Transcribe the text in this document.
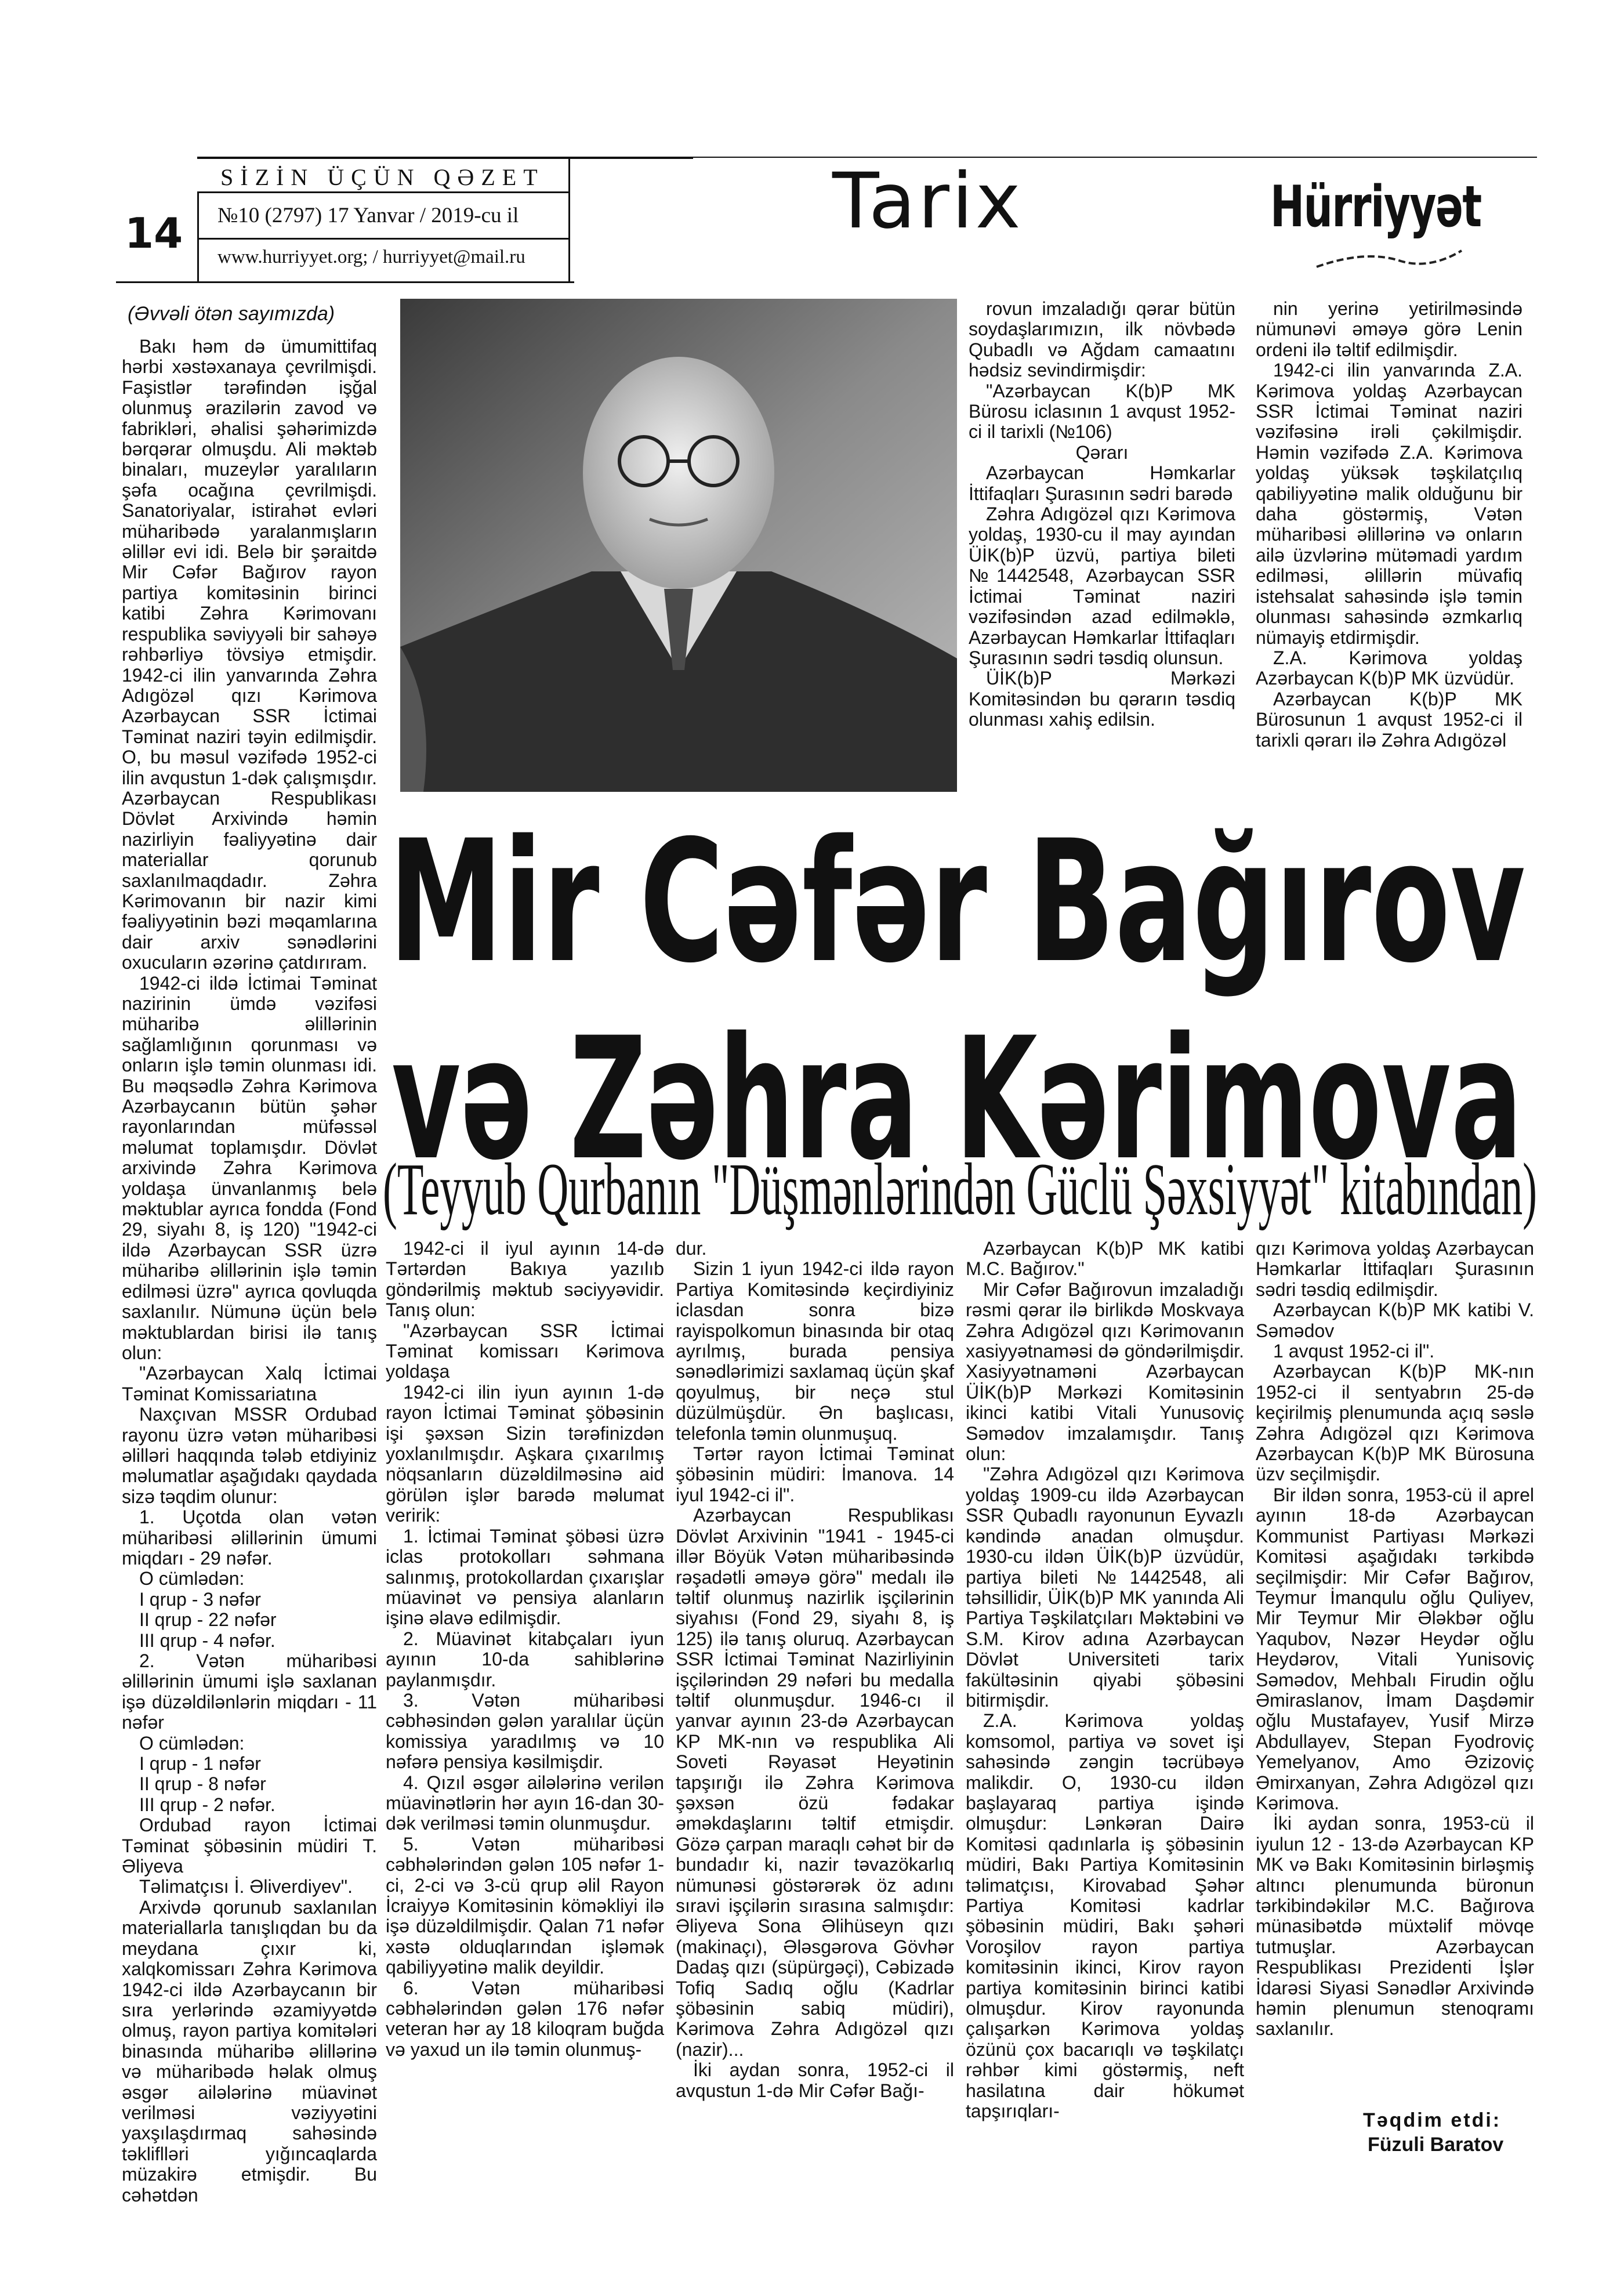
14
SİZİN ÜÇÜN QƏZET
№10 (2797) 17 Yanvar / 2019-cu il
www.hurriyyet.org; / hurriyyet@mail.ru
Tarix	Hürriyyət
(Əvvəli ötən sayımızda)

Bakı həm də ümumittifaq hərbi xəstəxanaya çevrilmişdi. Faşistlər tərəfindən işğal olunmuş ərazilərin zavod və fabrikləri, əhalisi şəhərimizdə bərqərar olmuşdu. Ali məktəb binaları, muzeylər yaralıların şəfa ocağına çevrilmişdi. Sanatoriyalar, istirahət evləri müharibədə yaralanmışların əlillər evi idi. Belə bir şəraitdə Mir Cəfər Bağırov rayon partiya komitəsinin birinci katibi Zəhra Kərimovanı respublika səviyyəli bir sahəyə rəhbərliyə tövsiyə etmişdir. 1942-ci ilin yanvarında Zəhra Adıgözəl qızı Kərimova Azərbaycan SSR İctimai Təminat naziri təyin edilmişdir. O, bu məsul vəzifədə 1952-ci ilin avqustun 1-dək çalışmışdır. Azərbaycan Respublikası Dövlət Arxivində həmin nazirliyin fəaliyyətinə dair materiallar qorunub saxlanılmaqdadır. Zəhra Kərimovanın bir nazir kimi fəaliyyətinin bəzi məqamlarına dair arxiv sənədlərini oxucuların əzərinə çatdırıram.

1942-ci ildə İctimai Təminat nazirinin ümdə vəzifəsi müharibə əlillərinin sağlamlığının qorunması və onların işlə təmin olunması idi. Bu məqsədlə Zəhra Kərimova Azərbaycanın bütün şəhər rayonlarından müfəssəl məlumat toplamışdır. Dövlət arxivində Zəhra Kərimova yoldaşa ünvanlanmış belə məktublar ayrıca fondda (Fond 29, siyahı 8, iş 120) "1942-ci ildə Azərbaycan SSR üzrə müharibə əlillərinin işlə təmin edilməsi üzrə" ayrıca qovluqda saxlanılır. Nümunə üçün belə məktublardan birisi ilə tanış olun:

"Azərbaycan Xalq İctimai Təminat Komissariatına

Naxçıvan MSSR Ordubad rayonu üzrə vətən müharibəsi əlilləri haqqında tələb etdiyiniz məlumatlar aşağıdakı qaydada sizə təqdim olunur:

1. Uçotda olan vətən müharibəsi əlillərinin ümumi miqdarı - 29 nəfər.

O cümlədən:

I qrup - 3 nəfər

II qrup - 22 nəfər

III qrup - 4 nəfər.

2. Vətən müharibəsi əlillərinin ümumi işlə saxlanan işə düzəldilənlərin miqdarı - 11 nəfər

O cümlədən:

I qrup - 1 nəfər

II qrup - 8 nəfər

III qrup - 2 nəfər.

Ordubad rayon İctimai Təminat şöbəsinin müdiri T. Əliyeva

Təlimatçısı İ. Əliverdiyev".

Arxivdə qorunub saxlanılan materiallarla tanışlıqdan bu da meydana çıxır ki, xalqkomissarı Zəhra Kərimova 1942-ci ildə Azərbaycanın bir sıra yerlərində əzamiyyətdə olmuş, rayon partiya komitələri binasında müharibə əlillərinə və müharibədə həlak olmuş əsgər ailələrinə müavinət verilməsi vəziyyətini yaxşılaşdırmaq sahəsində təkliflləri yığıncaqlarda müzakirə etmişdir. Bu cəhətdən

rovun imzaladığı qərar bütün soydaşlarımızın, ilk növbədə Qubadlı və Ağdam camaatını hədsiz sevindirmişdir:

"Azərbaycan K(b)P MK Bürosu iclasının 1 avqust 1952-ci il tarixli (№106)

Qərarı

Azərbaycan Həmkarlar İttifaqları Şurasının sədri barədə

Zəhra Adıgözəl qızı Kərimova yoldaş, 1930-cu il may ayından ÜİK(b)P üzvü, partiya bileti №1442548, Azərbaycan SSR İctimai Təminat naziri vəzifəsindən azad edilməklə, Azərbaycan Həmkarlar İttifaqları Şurasının sədri təsdiq olunsun.

ÜİK(b)P Mərkəzi Komitəsindən bu qərarın təsdiq olunması xahiş edilsin.

nin yerinə yetirilməsində nümunəvi əməyə görə Lenin ordeni ilə təltif edilmişdir.

1942-ci ilin yanvarında Z.A. Kərimova yoldaş Azərbaycan SSR İctimai Təminat naziri vəzifəsinə irəli çəkilmişdir. Həmin vəzifədə Z.A. Kərimova yoldaş yüksək təşkilatçılıq qabiliyyətinə malik olduğunu bir daha göstərmiş, Vətən müharibəsi əlillərinə və onların ailə üzvlərinə mütəmadi yardım edilməsi, əlillərin müvafiq istehsalat sahəsində işlə təmin olunması sahəsində əzmkarlıq nümayiş etdirmişdir.

Z.A. Kərimova yoldaş Azərbaycan K(b)P MK üzvüdür.

Azərbaycan K(b)P MK Bürosunun 1 avqust 1952-ci il tarixli qərarı ilə Zəhra Adıgözəl

Mir Cəfər Bağırov
və Zəhra Kərimova
(Teyyub Qurbanın "Düşmənlərindən Güclü Şəxsiyyət" kitabından)

1942-ci il iyul ayının 14-də Tərtərdən Bakıya yazılıb göndərilmiş məktub səciyyəvidir. Tanış olun:

"Azərbaycan SSR İctimai Təminat komissarı Kərimova yoldaşa

1942-ci ilin iyun ayının 1-də rayon İctimai Təminat şöbəsinin işi şəxsən Sizin tərəfinizdən yoxlanılmışdır. Aşkara çıxarılmış nöqsanların düzəldilməsinə aid görülən işlər barədə məlumat veririk:

1. İctimai Təminat şöbəsi üzrə iclas protokolları səhmana salınmış, protokollardan çıxarışlar müavinət və pensiya alanların işinə əlavə edilmişdir.

2. Müavinət kitabçaları iyun ayının 10-da sahiblərinə paylanmışdır.

3. Vətən müharibəsi cəbhəsindən gələn yaralılar üçün komissiya yaradılmış və 10 nəfərə pensiya kəsilmişdir.

4. Qızıl əsgər ailələrinə verilən müavinətlərin hər ayın 16-dan 30-dək verilməsi təmin olunmuşdur.

5. Vətən müharibəsi cəbhələrindən gələn 105 nəfər 1-ci, 2-ci və 3-cü qrup əlil Rayon İcraiyyə Komitəsinin kömәkliyi ilə işə düzəldilmişdir. Qalan 71 nəfər xəstə olduqlarından işləmək qabiliyyətinə malik deyildir.

6. Vətən müharibəsi cəbhələrindən gələn 176 nəfər veteran hər ay 18 kiloqram buğda və yaxud un ilə təmin olunmuş-

dur.

Sizin 1 iyun 1942-ci ildə rayon Partiya Komitəsində keçirdiyiniz iclasdan sonra bizə rayispolkomun binasında bir otaq ayrılmış, burada pensiya sənədlərimizi saxlamaq üçün şkaf qoyulmuş, bir neçə stul düzülmüşdür. Ən başlıcası, telefonla təmin olunmuşuq.

Tərtər rayon İctimai Təminat şöbəsinin müdiri: İmanova. 14 iyul 1942-ci il".

Azərbaycan Respublikası Dövlət Arxivinin "1941 - 1945-ci illər Böyük Vətən müharibəsində rəşadətli əməyə görə" medalı ilə təltif olunmuş nazirlik işçilərinin siyahısı (Fond 29, siyahı 8, iş 125) ilə tanış oluruq. Azərbaycan SSR İctimai Təminat Nazirliyinin işçilərindən 29 nəfəri bu medalla təltif olunmuşdur. 1946-cı il yanvar ayının 23-də Azərbaycan KP MK-nın və respublika Ali Soveti Rəyasət Heyətinin tapşırığı ilə Zəhra Kərimova şəxsən özü fədakar əməkdaşlarını təltif etmişdir. Gözə çarpan maraqlı cəhət bir də bundadır ki, nazir təvazökarlıq nümunəsi göstərərək öz adını sıravi işçilərin sırasına salmışdır: Əliyeva Sona Əlihüseyn qızı (makinaçı), Ələsgərova Gövhər Dadaş qızı (süpürgəçi), Cəbizadə Tofiq Sadıq oğlu (Kadrlar şöbəsinin sabiq müdiri), Kərimova Zəhra Adıgözəl qızı (nazir)...

İki aydan sonra, 1952-ci il avqustun 1-də Mir Cəfər Bağı-

Azərbaycan K(b)P MK katibi M.C. Bağırov."

Mir Cəfər Bağırovun imzaladığı rəsmi qərar ilə birlikdə Moskvaya Zəhra Adıgözəl qızı Kərimovanın xasiyyətnaməsi də göndərilmişdir. Xasiyyətnaməni Azərbaycan ÜİK(b)P Mərkəzi Komitəsinin ikinci katibi Vitali Yunusoviç Səmədov imzalamışdır. Tanış olun:

"Zəhra Adıgözəl qızı Kərimova yoldaş 1909-cu ildə Azərbaycan SSR Qubadlı rayonunun Eyvazlı kəndində anadan olmuşdur. 1930-cu ildən ÜİK(b)P üzvüdür, partiya bileti №1442548, ali təhsillidir, ÜİK(b)P MK yanında Ali Partiya Təşkilatçıları Məktəbini və S.M. Kirov adına Azərbaycan Dövlət Universiteti tarix fakültəsinin qiyabi şöbəsini bitirmişdir.

Z.A. Kərimova yoldaş komsomol, partiya və sovet işi sahəsində zəngin təcrübəyə malikdir. O, 1930-cu ildən başlayaraq partiya işində olmuşdur: Lənkəran Dairə Komitəsi qadınlarla iş şöbəsinin müdiri, Bakı Partiya Komitəsinin təlimatçısı, Kirovabad Şəhər Partiya Komitəsi kadrlar şöbəsinin müdiri, Bakı şəhəri Voroşilov rayon partiya komitəsinin ikinci, Kirov rayon partiya komitəsinin birinci katibi olmuşdur. Kirov rayonunda çalışarkən Kərimova yoldaş özünü çox bacarıqlı və təşkilatçı rəhbər kimi göstərmiş, neft hasilatına dair hökumət tapşırıqları-

qızı Kərimova yoldaş Azərbaycan Həmkarlar İttifaqları Şurasının sədri təsdiq edilmişdir.

Azərbaycan K(b)P MK katibi V. Səmədov

1 avqust 1952-ci il".

Azərbaycan K(b)P MK-nın 1952-ci il sentyabrın 25-də keçirilmiş plenumunda açıq səslə Zəhra Adıgözəl qızı Kərimova Azərbaycan K(b)P MK Bürosuna üzv seçilmişdir.

Bir ildən sonra, 1953-cü il aprel ayının 18-də Azərbaycan Kommunist Partiyası Mərkəzi Komitəsi aşağıdakı tərkibdə seçilmişdir: Mir Cəfər Bağırov, Teymur İmanqulu oğlu Quliyev, Mir Teymur Mir Ələkbər oğlu Yaqubov, Nəzər Heydər oğlu Heydərov, Vitali Yunisoviç Səmədov, Mehbalı Firudin oğlu Əmiraslanov, İmam Daşdəmir oğlu Mustafayev, Yusif Mirzə Abdullayev, Stepan Fyodroviç Yemelyanov, Amo Əzizoviç Əmirxanyan, Zəhra Adıgözəl qızı Kərimova.

İki aydan sonra, 1953-cü il iyulun 12 - 13-də Azərbaycan KP MK və Bakı Komitəsinin birləşmiş altıncı plenumunda büronun tərkibindəkilər M.C. Bağırova münasibətdə müxtəlif mövqe tutmuşlar. Azərbaycan Respublikası Prezidenti İşlər İdarəsi Siyasi Sənədlər Arxivində həmin plenumun stenoqramı saxlanılır.

Təqdim etdi:
Füzuli Baratov
